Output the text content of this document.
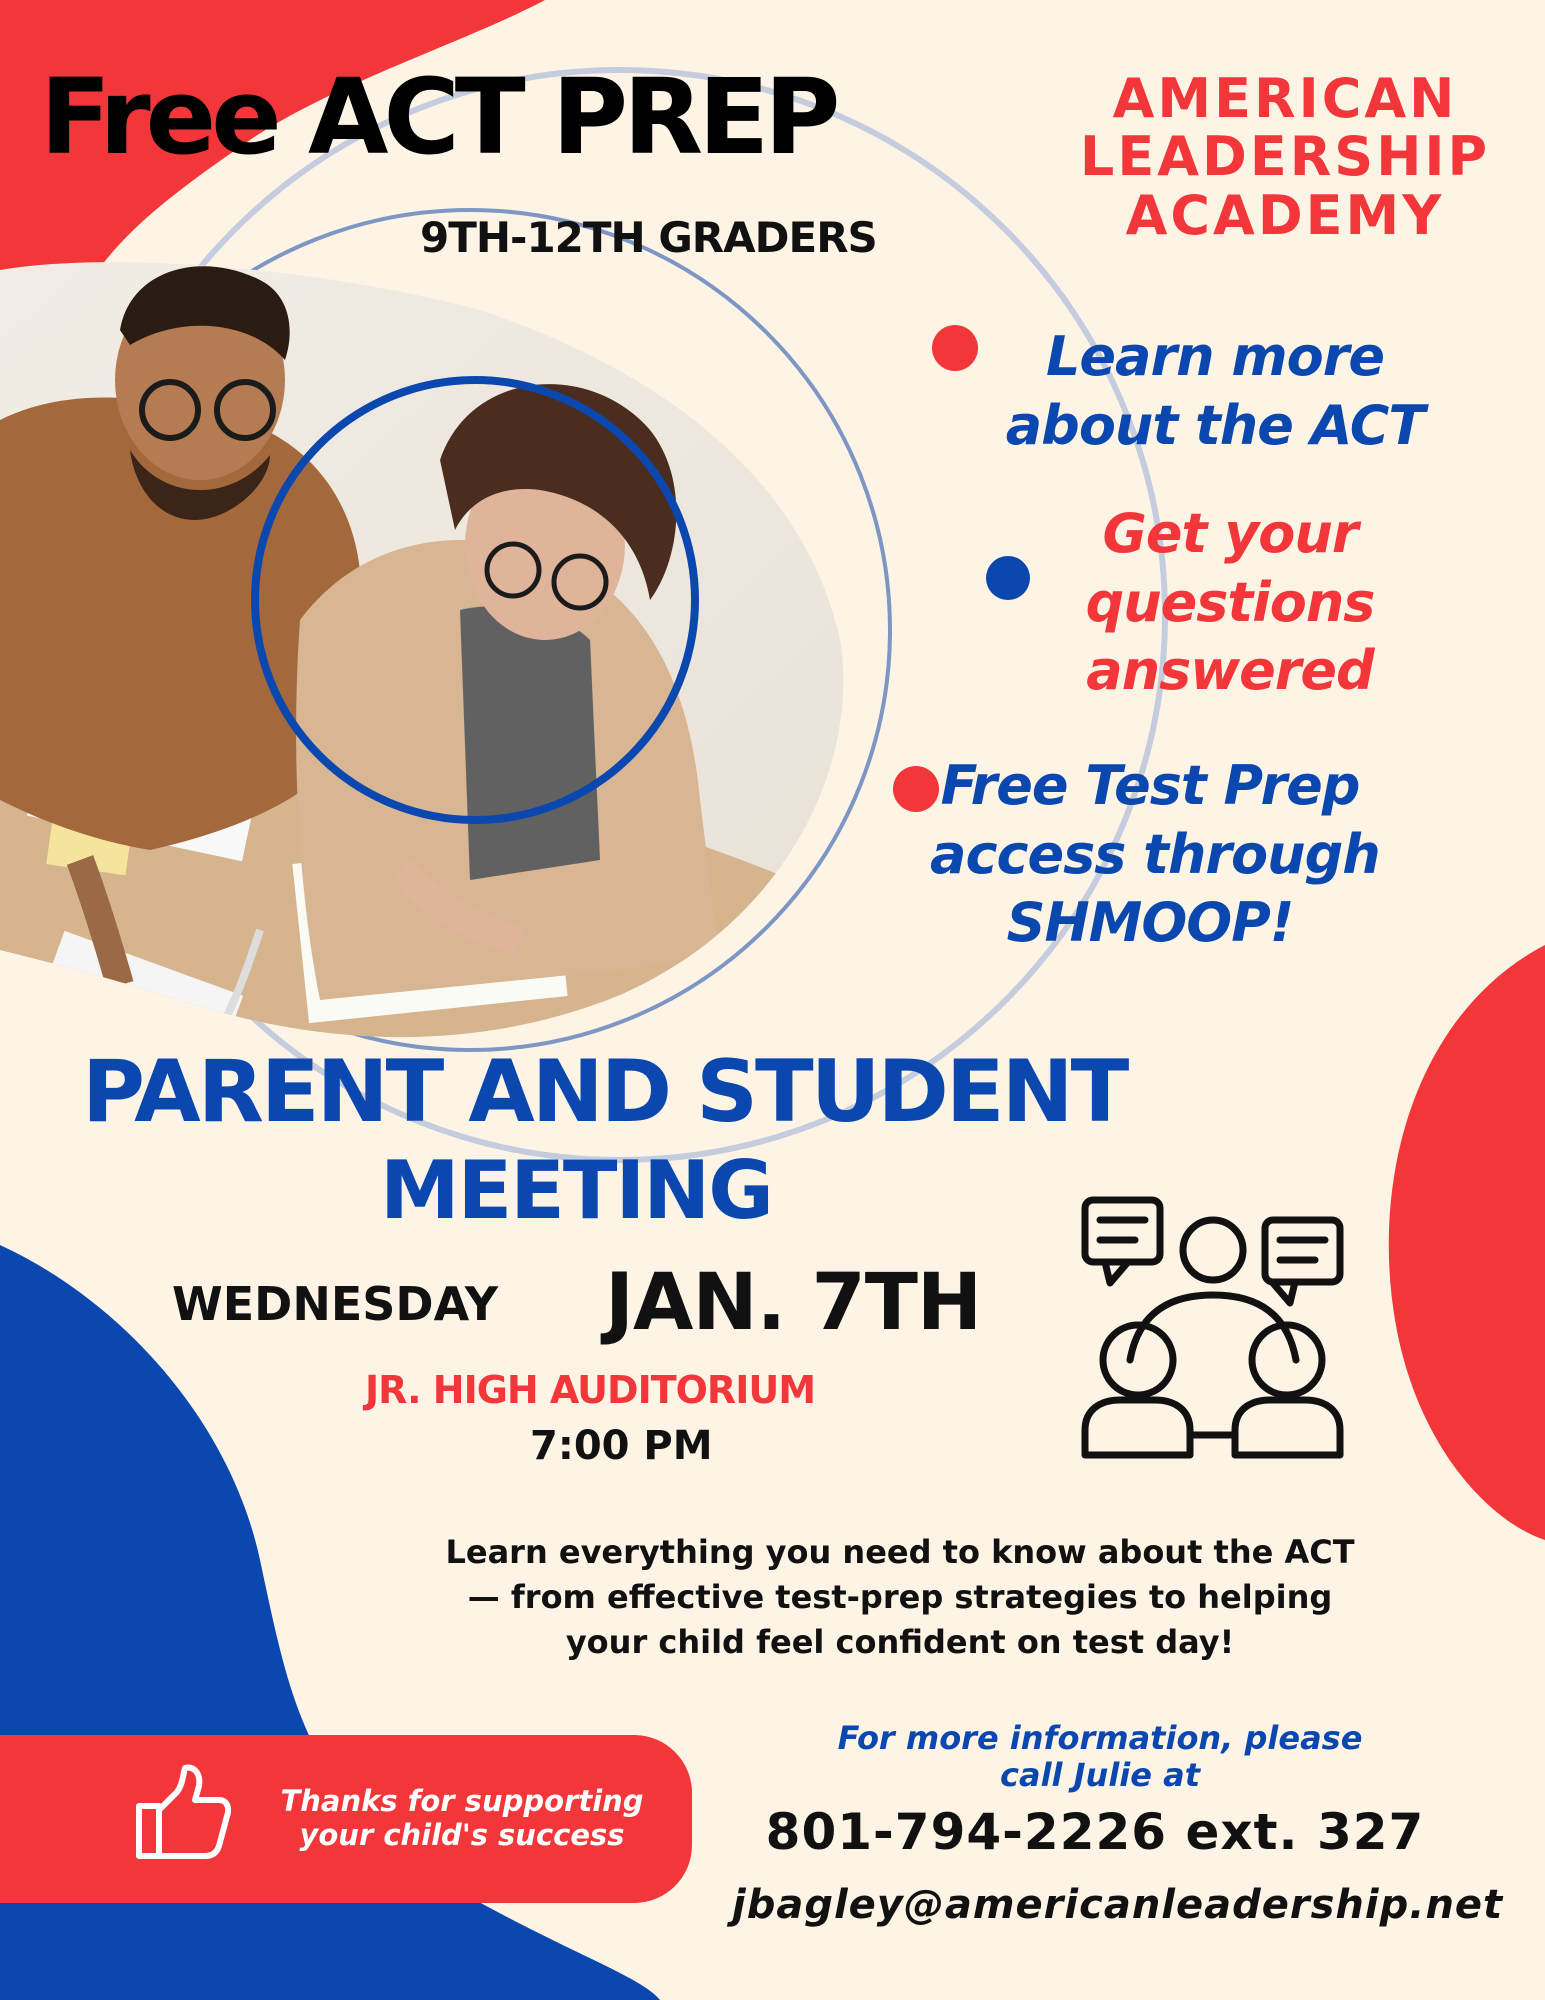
Free ACT PREP	AMERICAN
LEADERSHIP
ACADEMY
9TH-12TH GRADERS
Learn more
about the ACT
Get your
questions
answered
Free Test Prep
access through
SHMOOP!
PARENT AND STUDENT
MEETING
WEDNESDAY JAN. 7TH
JR. HIGH AUDITORIUM
7:00 PM
Learn everything you need to know about the ACT — from effective test-prep strategies to helping your child feel confident on test day!
For more information, please call Julie at
801-794-2226 ext. 327
jbagley@americanleadership.net
Thanks for supporting your child's success
